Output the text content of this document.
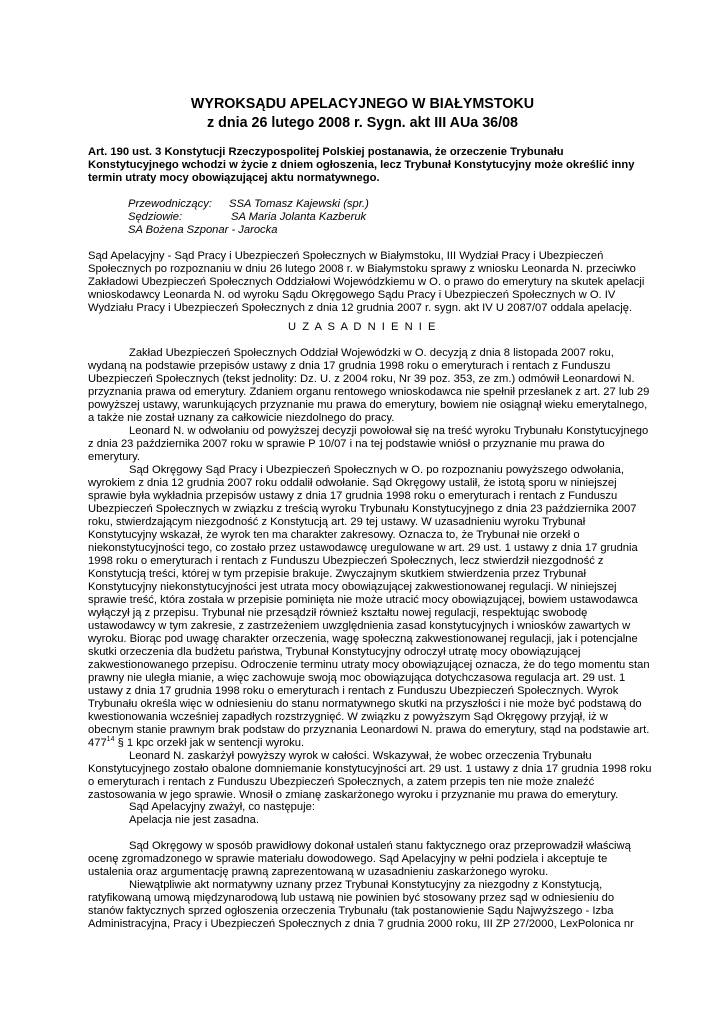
WYROKSĄDU APELACYJNEGO W BIAŁYMSTOKU
z dnia 26 lutego 2008 r. Sygn. akt III AUa 36/08
Art. 190 ust. 3 Konstytucji Rzeczypospolitej Polskiej postanawia, że orzeczenie Trybunału
Konstytucyjnego wchodzi w życie z dniem ogłoszenia, lecz Trybunał Konstytucyjny może określić inny
termin utraty mocy obowiązującej aktu normatywnego.
Przewodniczący: SSA Tomasz Kajewski (spr.)
Sędziowie:	SA Maria Jolanta Kazberuk
SA Bożena Szponar - Jarocka
Sąd Apelacyjny - Sąd Pracy i Ubezpieczeń Społecznych w Białymstoku, III Wydział Pracy i Ubezpieczeń
Społecznych po rozpoznaniu w dniu 26 lutego 2008 r. w Białymstoku sprawy z wniosku Leonarda N. przeciwko
Zakładowi Ubezpieczeń Społecznych Oddziałowi Wojewódzkiemu w O. o prawo do emerytury na skutek apelacji
wnioskodawcy Leonarda N. od wyroku Sądu Okręgowego Sądu Pracy i Ubezpieczeń Społecznych w O. IV
Wydziału Pracy i Ubezpieczeń Społecznych z dnia 12 grudnia 2007 r. sygn. akt IV U 2087/07 oddala apelację.
U Z A S A D N I E N I E
Zakład Ubezpieczeń Społecznych Oddział Wojewódzki w O. decyzją z dnia 8 listopada 2007 roku,
wydaną na podstawie przepisów ustawy z dnia 17 grudnia 1998 roku o emeryturach i rentach z Funduszu
Ubezpieczeń Społecznych (tekst jednolity: Dz. U. z 2004 roku, Nr 39 poz. 353, ze zm.) odmówił Leonardowi N.
przyznania prawa od emerytury. Zdaniem organu rentowego wnioskodawca nie spełnił przesłanek z art. 27 lub 29
powyższej ustawy, warunkujących przyznanie mu prawa do emerytury, bowiem nie osiągnął wieku emerytalnego,
a także nie został uznany za całkowicie niezdolnego do pracy.
Leonard N. w odwołaniu od powyższej decyzji powołował się na treść wyroku Trybunału Konstytucyjnego
z dnia 23 października 2007 roku w sprawie P 10/07 i na tej podstawie wniósł o przyznanie mu prawa do
emerytury.
Sąd Okręgowy Sąd Pracy i Ubezpieczeń Społecznych w O. po rozpoznaniu powyższego odwołania,
wyrokiem z dnia 12 grudnia 2007 roku oddalił odwołanie. Sąd Okręgowy ustalił, że istotą sporu w niniejszej
sprawie była wykładnia przepisów ustawy z dnia 17 grudnia 1998 roku o emeryturach i rentach z Funduszu
Ubezpieczeń Społecznych w związku z treścią wyroku Trybunału Konstytucyjnego z dnia 23 października 2007
roku, stwierdzającym niezgodność z Konstytucją art. 29 tej ustawy. W uzasadnieniu wyroku Trybunał
Konstytucyjny wskazał, że wyrok ten ma charakter zakresowy. Oznacza to, że Trybunał nie orzekł o
niekonstytucyjności tego, co zostało przez ustawodawcę uregulowane w art. 29 ust. 1 ustawy z dnia 17 grudnia
1998 roku o emeryturach i rentach z Funduszu Ubezpieczeń Społecznych, lecz stwierdził niezgodność z
Konstytucją treści, której w tym przepisie brakuje. Zwyczajnym skutkiem stwierdzenia przez Trybunał
Konstytucyjny niekonstytucyjności jest utrata mocy obowiązującej zakwestionowanej regulacji. W niniejszej
sprawie treść, która została w przepisie pominięta nie może utracić mocy obowiązującej, bowiem ustawodawca
wyłączył ją z przepisu. Trybunał nie przesądził również kształtu nowej regulacji, respektując swobodę
ustawodawcy w tym zakresie, z zastrzeżeniem uwzględnienia zasad konstytucyjnych i wniosków zawartych w
wyroku. Biorąc pod uwagę charakter orzeczenia, wagę społeczną zakwestionowanej regulacji, jak i potencjalne
skutki orzeczenia dla budżetu państwa, Trybunał Konstytucyjny odroczył utratę mocy obowiązującej
zakwestionowanego przepisu. Odroczenie terminu utraty mocy obowiązującej oznacza, że do tego momentu stan
prawny nie uległa mianie, a więc zachowuje swoją moc obowiązująca dotychczasowa regulacja art. 29 ust. 1
ustawy z dnia 17 grudnia 1998 roku o emeryturach i rentach z Funduszu Ubezpieczeń Społecznych. Wyrok
Trybunału określa więc w odniesieniu do stanu normatywnego skutki na przyszłości i nie może być podstawą do
kwestionowania wcześniej zapadłych rozstrzygnięć. W związku z powyższym Sąd Okręgowy przyjął, iż w
obecnym stanie prawnym brak podstaw do przyznania Leonardowi N. prawa do emerytury, stąd na podstawie art.
$477^{14}$ § 1 kpc orzekł jak w sentencji wyroku.
Leonard N. zaskarżył powyższy wyrok w całości. Wskazywał, że wobec orzeczenia Trybunału
Konstytucyjnego zostało obalone domniemanie konstytucyjności art. 29 ust. 1 ustawy z dnia 17 grudnia 1998 roku
o emeryturach i rentach z Funduszu Ubezpieczeń Społecznych, a zatem przepis ten nie może znaleźć
zastosowania w jego sprawie. Wnosił o zmianę zaskarżonego wyroku i przyznanie mu prawa do emerytury.
Sąd Apelacyjny zważył, co następuje:
Apelacja nie jest zasadna.
Sąd Okręgowy w sposób prawidłowy dokonał ustaleń stanu faktycznego oraz przeprowadził właściwą
ocenę zgromadzonego w sprawie materiału dowodowego. Sąd Apelacyjny w pełni podziela i akceptuje te
ustalenia oraz argumentację prawną zaprezentowaną w uzasadnieniu zaskarżonego wyroku.
Niewątpliwie akt normatywny uznany przez Trybunał Konstytucyjny za niezgodny z Konstytucją,
ratyfikowaną umową międzynarodową lub ustawą nie powinien być stosowany przez sąd w odniesieniu do
stanów faktycznych sprzed ogłoszenia orzeczenia Trybunału (tak postanowienie Sądu Najwyższego - Izba
Administracyjna, Pracy i Ubezpieczeń Społecznych z dnia 7 grudnia 2000 roku, III ZP 27/2000, LexPolonica nr
